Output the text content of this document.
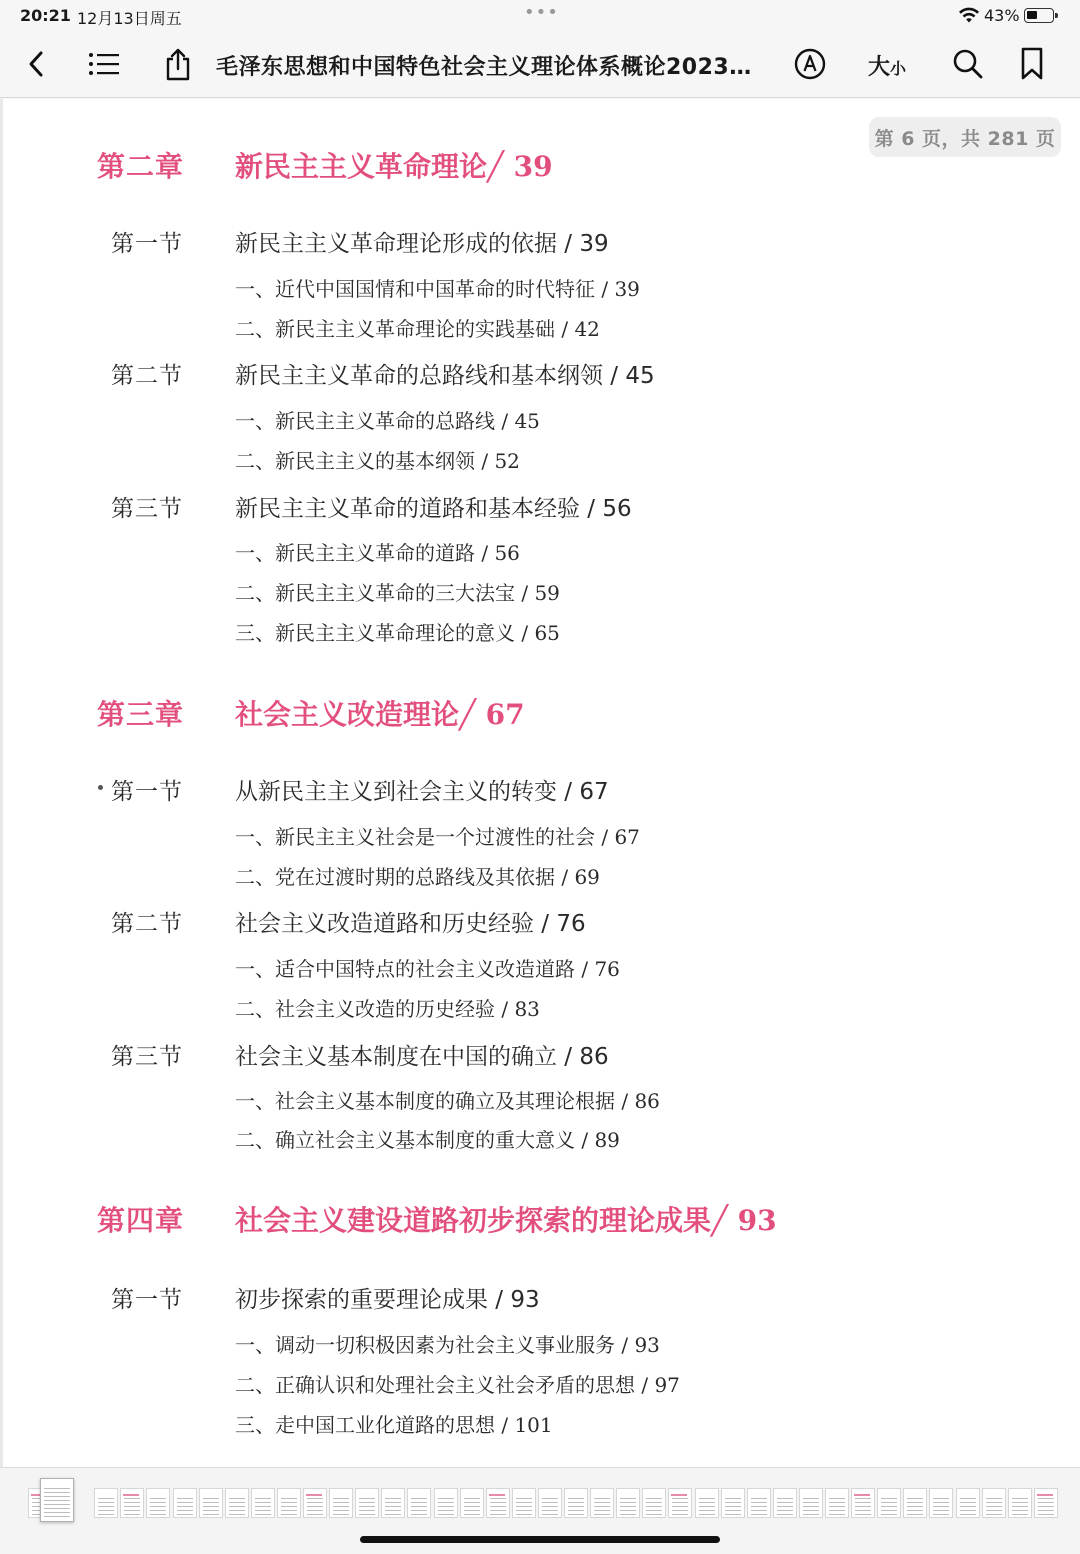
20:21 12月13日周五	•••	43%
毛泽东思想和中国特色社会主义理论体系概论2023…	大小
第二章 新民主主义革命理论╱ 39
第一节 新民主主义革命理论形成的依据 / 39
一、近代中国国情和中国革命的时代特征 / 39
二、新民主主义革命理论的实践基础 / 42
第二节 新民主主义革命的总路线和基本纲领 / 45
一、新民主主义革命的总路线 / 45
二、新民主主义的基本纲领 / 52
第三节 新民主主义革命的道路和基本经验 / 56
一、新民主主义革命的道路 / 56
二、新民主主义革命的三大法宝 / 59
三、新民主主义革命理论的意义 / 65
第三章 社会主义改造理论╱ 67
第一节 从新民主主义到社会主义的转变 / 67
一、新民主主义社会是一个过渡性的社会 / 67
二、党在过渡时期的总路线及其依据 / 69
第二节 社会主义改造道路和历史经验 / 76
一、适合中国特点的社会主义改造道路 / 76
二、社会主义改造的历史经验 / 83
第三节 社会主义基本制度在中国的确立 / 86
一、社会主义基本制度的确立及其理论根据 / 86
二、确立社会主义基本制度的重大意义 / 89
第四章 社会主义建设道路初步探索的理论成果╱ 93
第一节 初步探索的重要理论成果 / 93
一、调动一切积极因素为社会主义事业服务 / 93
二、正确认识和处理社会主义社会矛盾的思想 / 97
三、走中国工业化道路的思想 / 101
第 6 页，共 281 页
